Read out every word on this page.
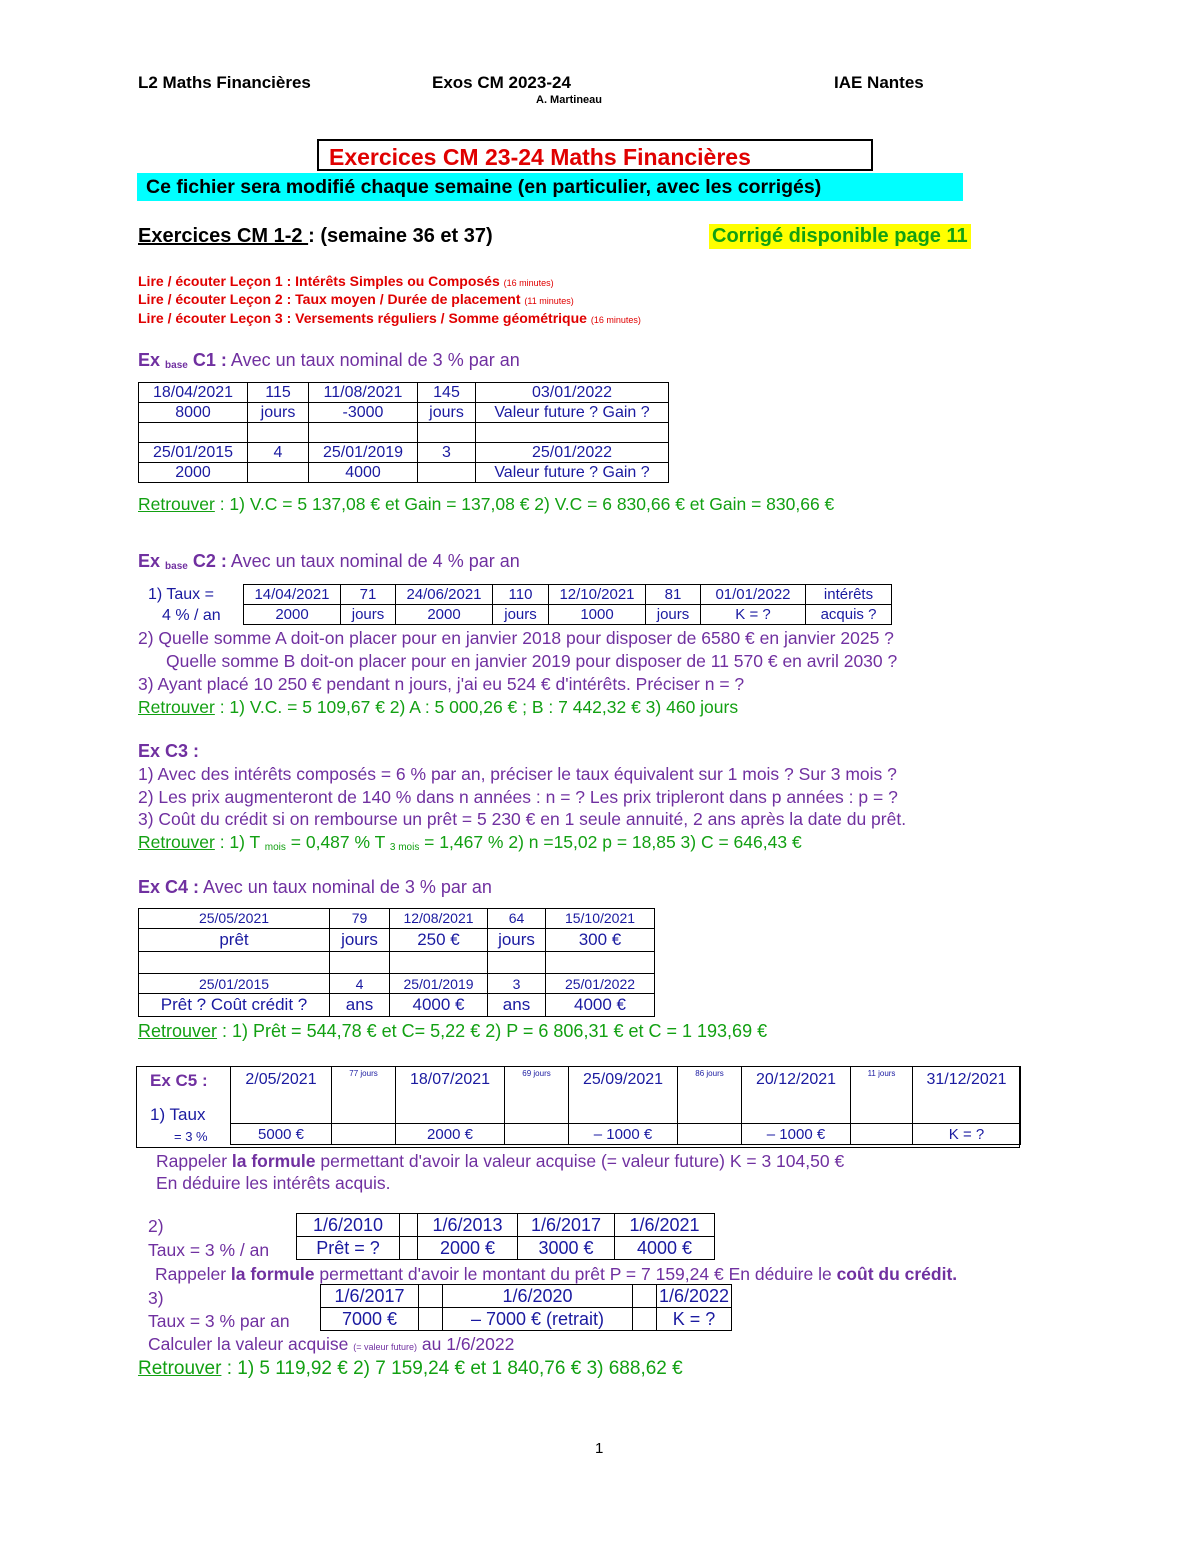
L2 Maths Financières	Exos CM 2023-24	IAE Nantes
A. Martineau
Exercices CM 23-24 Maths Financières
Ce fichier sera modifié chaque semaine (en particulier, avec les corrigés)
Exercices CM 1-2 : (semaine 36 et 37)	Corrigé disponible page 11
Lire / écouter Leçon 1 : Intérêts Simples ou Composés (16 minutes)
Lire / écouter Leçon 2 : Taux moyen / Durée de placement (11 minutes)
Lire / écouter Leçon 3 : Versements réguliers / Somme géométrique (16 minutes)
Ex $_{base}$ C1 : Avec un taux nominal de 3 % par an
18/04/2021	115	11/08/2021	145	03/01/2022
8000	jours	-3000	jours	Valeur future ? Gain ?

25/01/2015	4	25/01/2019	3	25/01/2022
2000		4000		Valeur future ? Gain ?
Retrouver : 1) V.C = 5 137,08 € et Gain = 137,08 € 2) V.C = 6 830,66 € et Gain = 830,66 €
Ex $_{base}$ C2 : Avec un taux nominal de 4 % par an
1) Taux =
4 % / an
14/04/2021	71	24/06/2021	110	12/10/2021	81	01/01/2022	intérêts
2000	jours	2000	jours	1000	jours	K = ?	acquis ?
2) Quelle somme A doit-on placer pour en janvier 2018 pour disposer de 6580 € en janvier 2025 ?
Quelle somme B doit-on placer pour en janvier 2019 pour disposer de 11 570 € en avril 2030 ?
3) Ayant placé 10 250 € pendant n jours, j'ai eu 524 € d'intérêts. Préciser n = ?
Retrouver : 1) V.C. = 5 109,67 € 2) A : 5 000,26 € ; B : 7 442,32 € 3) 460 jours
Ex C3 :
1) Avec des intérêts composés = 6 % par an, préciser le taux équivalent sur 1 mois ? Sur 3 mois ?
2) Les prix augmenteront de 140 % dans n années : n = ? Les prix tripleront dans p années : p = ?
3) Coût du crédit si on rembourse un prêt = 5 230 € en 1 seule annuité, 2 ans après la date du prêt.
Retrouver : 1) T $_{mois}$ = 0,487 % T $_{3 mois}$ = 1,467 % 2) n =15,02 p = 18,85 3) C = 646,43 €
Ex C4 : Avec un taux nominal de 3 % par an
25/05/2021	79	12/08/2021	64	15/10/2021
prêt	jours	250 €	jours	300 €

25/01/2015	4	25/01/2019	3	25/01/2022
Prêt ? Coût crédit ?	ans	4000 €	ans	4000 €
Retrouver : 1) Prêt = 544,78 € et C= 5,22 € 2) P = 6 806,31 € et C = 1 193,69 €
Ex C5 :
1) Taux
= 3 %
2/05/2021	77 jours	18/07/2021	69 jours	25/09/2021	86 jours	20/12/2021	11 jours	31/12/2021
5000 €		2000 €		– 1000 €		– 1000 €		K = ?
Rappeler la formule permettant d'avoir la valeur acquise (= valeur future) K = 3 104,50 €
En déduire les intérêts acquis.
2)
Taux = 3 % / an
1/6/2010		1/6/2013	1/6/2017	1/6/2021
Prêt = ?		2000 €	3000 €	4000 €
Rappeler la formule permettant d'avoir le montant du prêt P = 7 159,24 € En déduire le coût du crédit.
3)
Taux = 3 % par an
1/6/2017		1/6/2020		1/6/2022
7000 €		– 7000 € (retrait)		K = ?
Calculer la valeur acquise (= valeur future) au 1/6/2022
Retrouver : 1) 5 119,92 € 2) 7 159,24 € et 1 840,76 € 3) 688,62 €
1
